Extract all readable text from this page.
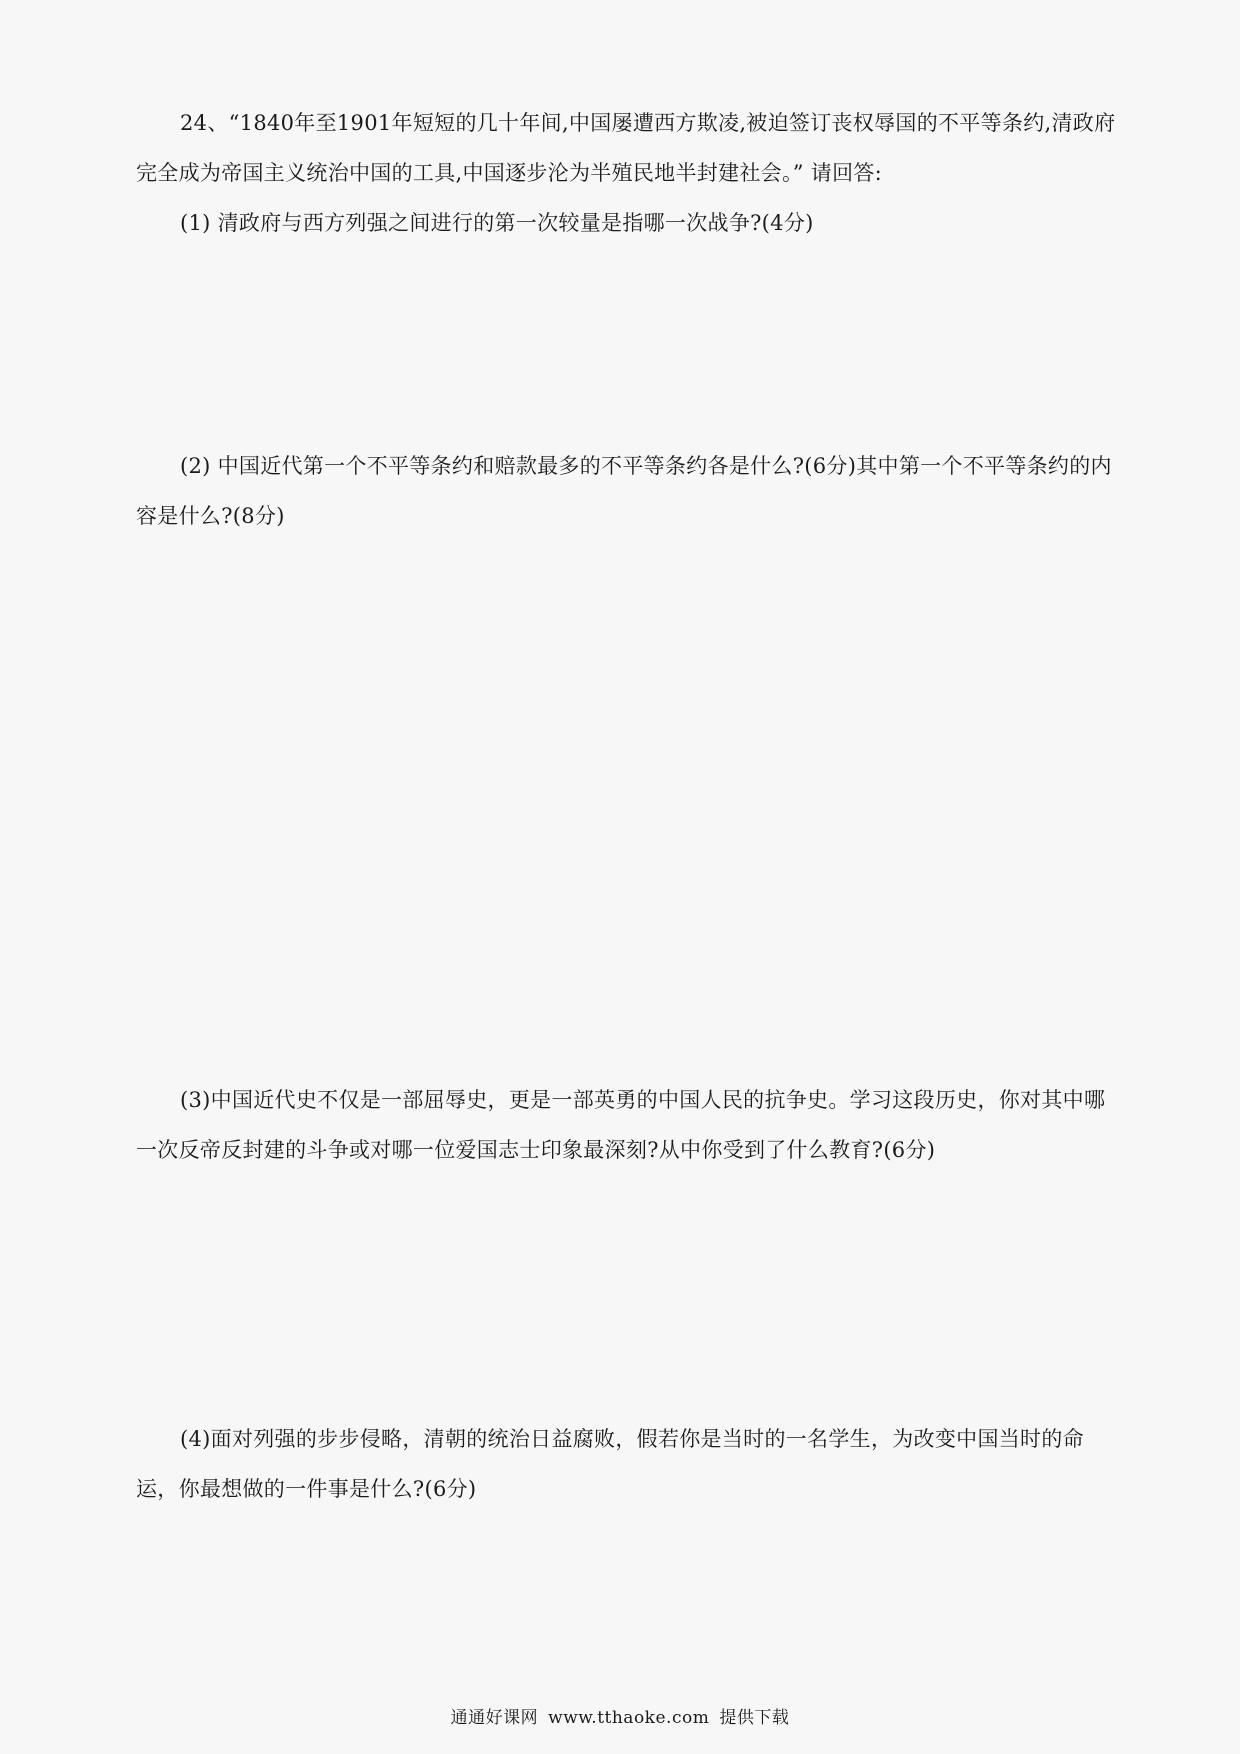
24、“1840年至1901年短短的几十年间,中国屡遭西方欺凌,被迫签订丧权辱国的不平等条约,清政府完全成为帝国主义统治中国的工具,中国逐步沦为半殖民地半封建社会。” 请回答:

(1) 清政府与西方列强之间进行的第一次较量是指哪一次战争?(4分)

(2) 中国近代第一个不平等条约和赔款最多的不平等条约各是什么?(6分)其中第一个不平等条约的内容是什么?(8分)

(3)中国近代史不仅是一部屈辱史，更是一部英勇的中国人民的抗争史。学习这段历史，你对其中哪一次反帝反封建的斗争或对哪一位爱国志士印象最深刻?从中你受到了什么教育?(6分)

(4)面对列强的步步侵略，清朝的统治日益腐败，假若你是当时的一名学生，为改变中国当时的命运，你最想做的一件事是什么?(6分)

通通好课网 www.tthaoke.com 提供下载
